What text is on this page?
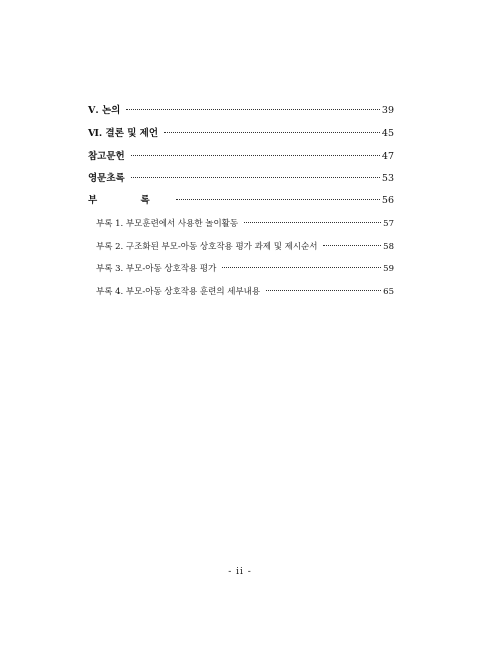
Ⅴ. 논의	39
Ⅵ. 결론 및 제언	45
참고문헌	47
영문초록	53
부 록	56
부록 1. 부모훈련에서 사용한 놀이활동	57
부록 2. 구조화된 부모-아동 상호작용 평가 과제 및 제시순서	58
부록 3. 부모-아동 상호작용 평가	59
부록 4. 부모-아동 상호작용 훈련의 세부내용	65
- ii -
